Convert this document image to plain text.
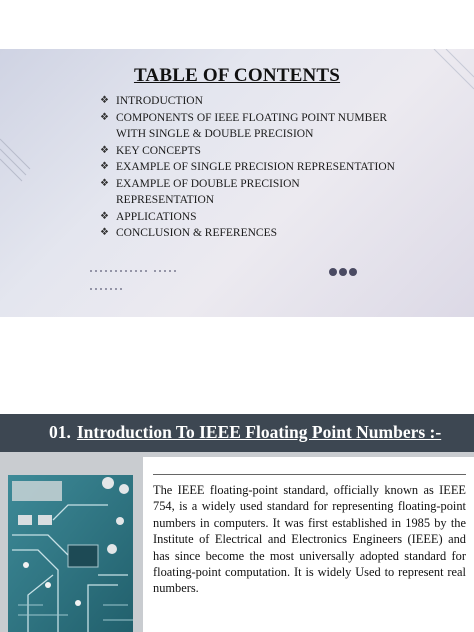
TABLE OF CONTENTS
❖ INTRODUCTION
❖ COMPONENTS OF IEEE FLOATING POINT NUMBER WITH SINGLE & DOUBLE PRECISION
❖ KEY CONCEPTS
❖ EXAMPLE OF SINGLE PRECISION REPRESENTATION
❖ EXAMPLE OF DOUBLE PRECISION REPRESENTATION
❖ APPLICATIONS
❖ CONCLUSION & REFERENCES

01. Introduction To IEEE Floating Point Numbers :-
The IEEE floating-point standard, officially known as IEEE 754, is a widely used standard for representing floating-point numbers in computers. It was first established in 1985 by the Institute of Electrical and Electronics Engineers (IEEE) and has since become the most universally adopted standard for floating-point computation. It is widely Used to represent real numbers.
